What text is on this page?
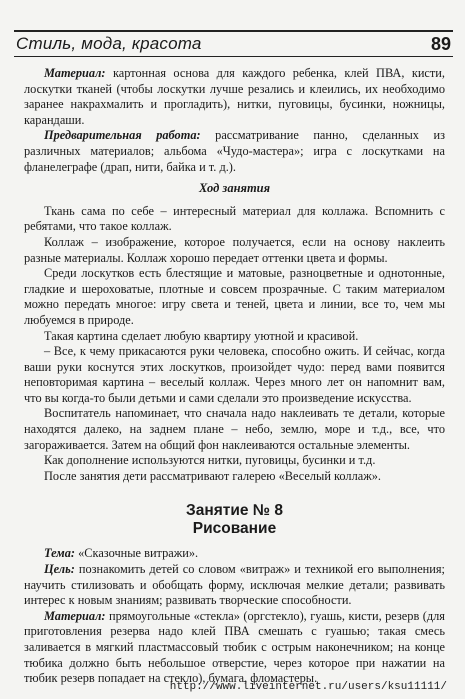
Стиль, мода, красота	89

Материал: картонная основа для каждого ребенка, клей ПВА, кисти, лоскутки тканей (чтобы лоскутки лучше резались и клеились, их необходимо заранее накрахмалить и прогладить), нитки, пуговицы, бусинки, ножницы, карандаши.

Предварительная работа: рассматривание панно, сделанных из различных материалов; альбома «Чудо-мастера»; игра с лоскутками на фланелеграфе (драп, нити, байка и т. д.).

Ход занятия

Ткань сама по себе – интересный материал для коллажа. Вспомнить с ребятами, что такое коллаж.

Коллаж – изображение, которое получается, если на основу наклеить разные материалы. Коллаж хорошо передает оттенки цвета и формы.

Среди лоскутков есть блестящие и матовые, разноцветные и однотонные, гладкие и шероховатые, плотные и совсем прозрачные. С таким материалом можно передать многое: игру света и теней, цвета и линии, все то, чем мы любуемся в природе.

Такая картина сделает любую квартиру уютной и красивой.

– Все, к чему прикасаются руки человека, способно ожить. И сейчас, когда ваши руки коснутся этих лоскутков, произойдет чудо: перед вами появится неповторимая картина – веселый коллаж. Через много лет он напомнит вам, что вы когда-то были детьми и сами сделали это произведение искусства.

Воспитатель напоминает, что сначала надо наклеивать те детали, которые находятся далеко, на заднем плане – небо, землю, море и т.д., все, что загораживается. Затем на общий фон наклеиваются остальные элементы.

Как дополнение используются нитки, пуговицы, бусинки и т.д.

После занятия дети рассматривают галерею «Веселый коллаж».

Занятие № 8
Рисование

Тема: «Сказочные витражи».

Цель: познакомить детей со словом «витраж» и техникой его выполнения; научить стилизовать и обобщать форму, исключая мелкие детали; развивать интерес к новым знаниям; развивать творческие способности.

Материал: прямоугольные «стекла» (оргстекло), гуашь, кисти, резерв (для приготовления резерва надо клей ПВА смешать с гуашью; такая смесь заливается в мягкий пластмассовый тюбик с острым наконечником; на конце тюбика должно быть небольшое отверстие, через которое при нажатии на тюбик резерв попадает на стекло), бумага, фломастеры.

http://www.liveinternet.ru/users/ksu11111/
